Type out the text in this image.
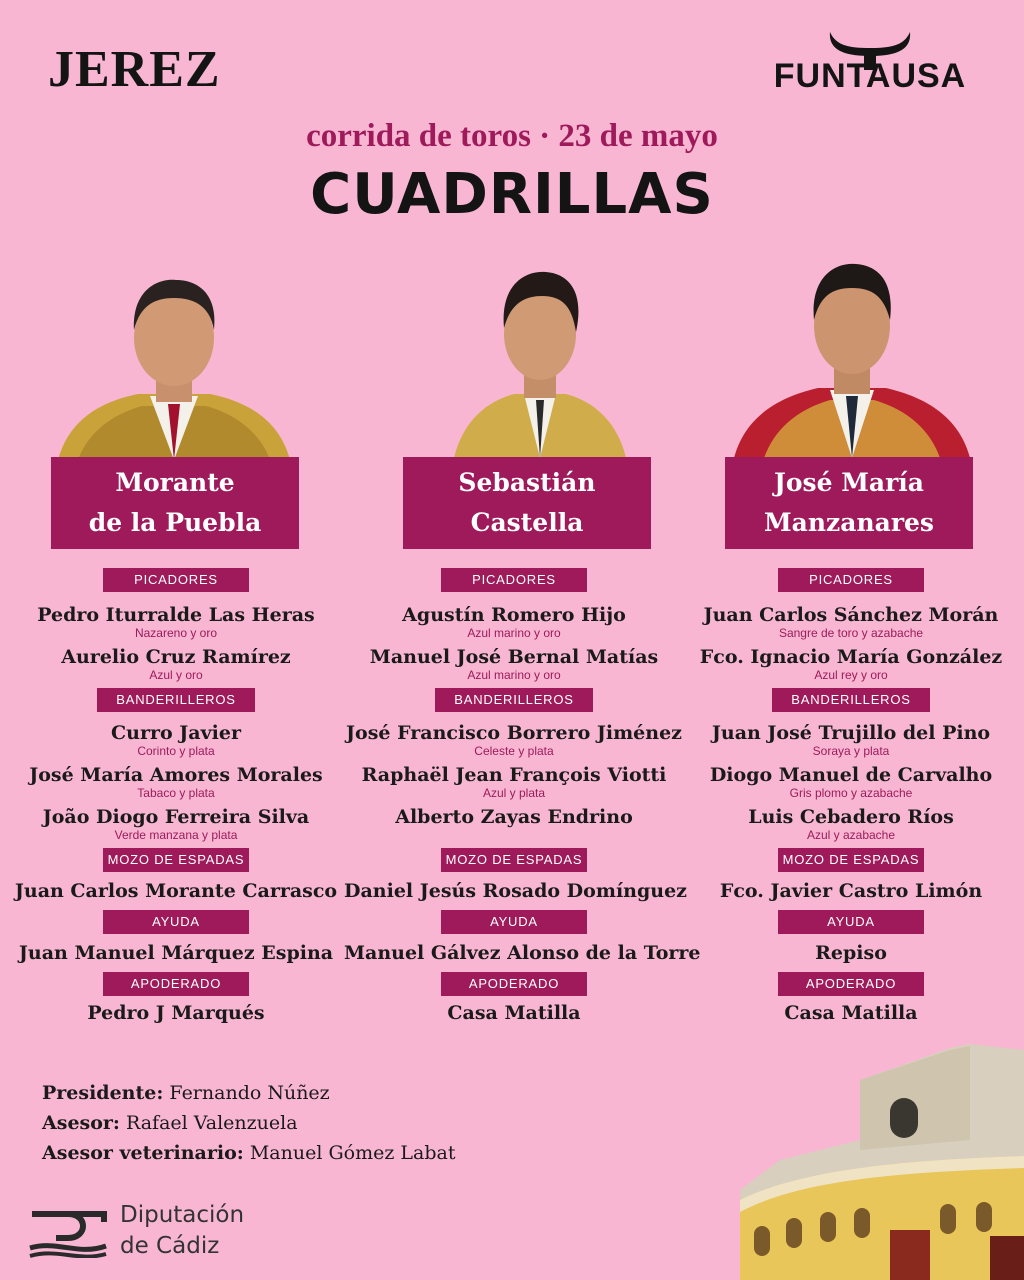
JEREZ	FUNTAUSA
corrida de toros · 23 de mayo
CUADRILLAS
Morante
de la Puebla
Sebastián
Castella
José María
Manzanares
PICADORES
Pedro Iturralde Las Heras
Nazareno y oro
Aurelio Cruz Ramírez
Azul y oro
BANDERILLEROS
Curro Javier
Corinto y plata
José María Amores Morales
Tabaco y plata
João Diogo Ferreira Silva
Verde manzana y plata
MOZO DE ESPADAS
Juan Carlos Morante Carrasco
AYUDA
Juan Manuel Márquez Espina
APODERADO
Pedro J Marqués
PICADORES
Agustín Romero Hijo
Azul marino y oro
Manuel José Bernal Matías
Azul marino y oro
BANDERILLEROS
José Francisco Borrero Jiménez
Celeste y plata
Raphaël Jean François Viotti
Azul y plata
Alberto Zayas Endrino
MOZO DE ESPADAS
Daniel Jesús Rosado Domínguez
AYUDA
Manuel Gálvez Alonso de la Torre
APODERADO
Casa Matilla
PICADORES
Juan Carlos Sánchez Morán
Sangre de toro y azabache
Fco. Ignacio María González
Azul rey y oro
BANDERILLEROS
Juan José Trujillo del Pino
Soraya y plata
Diogo Manuel de Carvalho
Gris plomo y azabache
Luis Cebadero Ríos
Azul y azabache
MOZO DE ESPADAS
Fco. Javier Castro Limón
AYUDA
Repiso
APODERADO
Casa Matilla
Presidente: Fernando Núñez
Asesor: Rafael Valenzuela
Asesor veterinario: Manuel Gómez Labat
Diputación
de Cádiz
